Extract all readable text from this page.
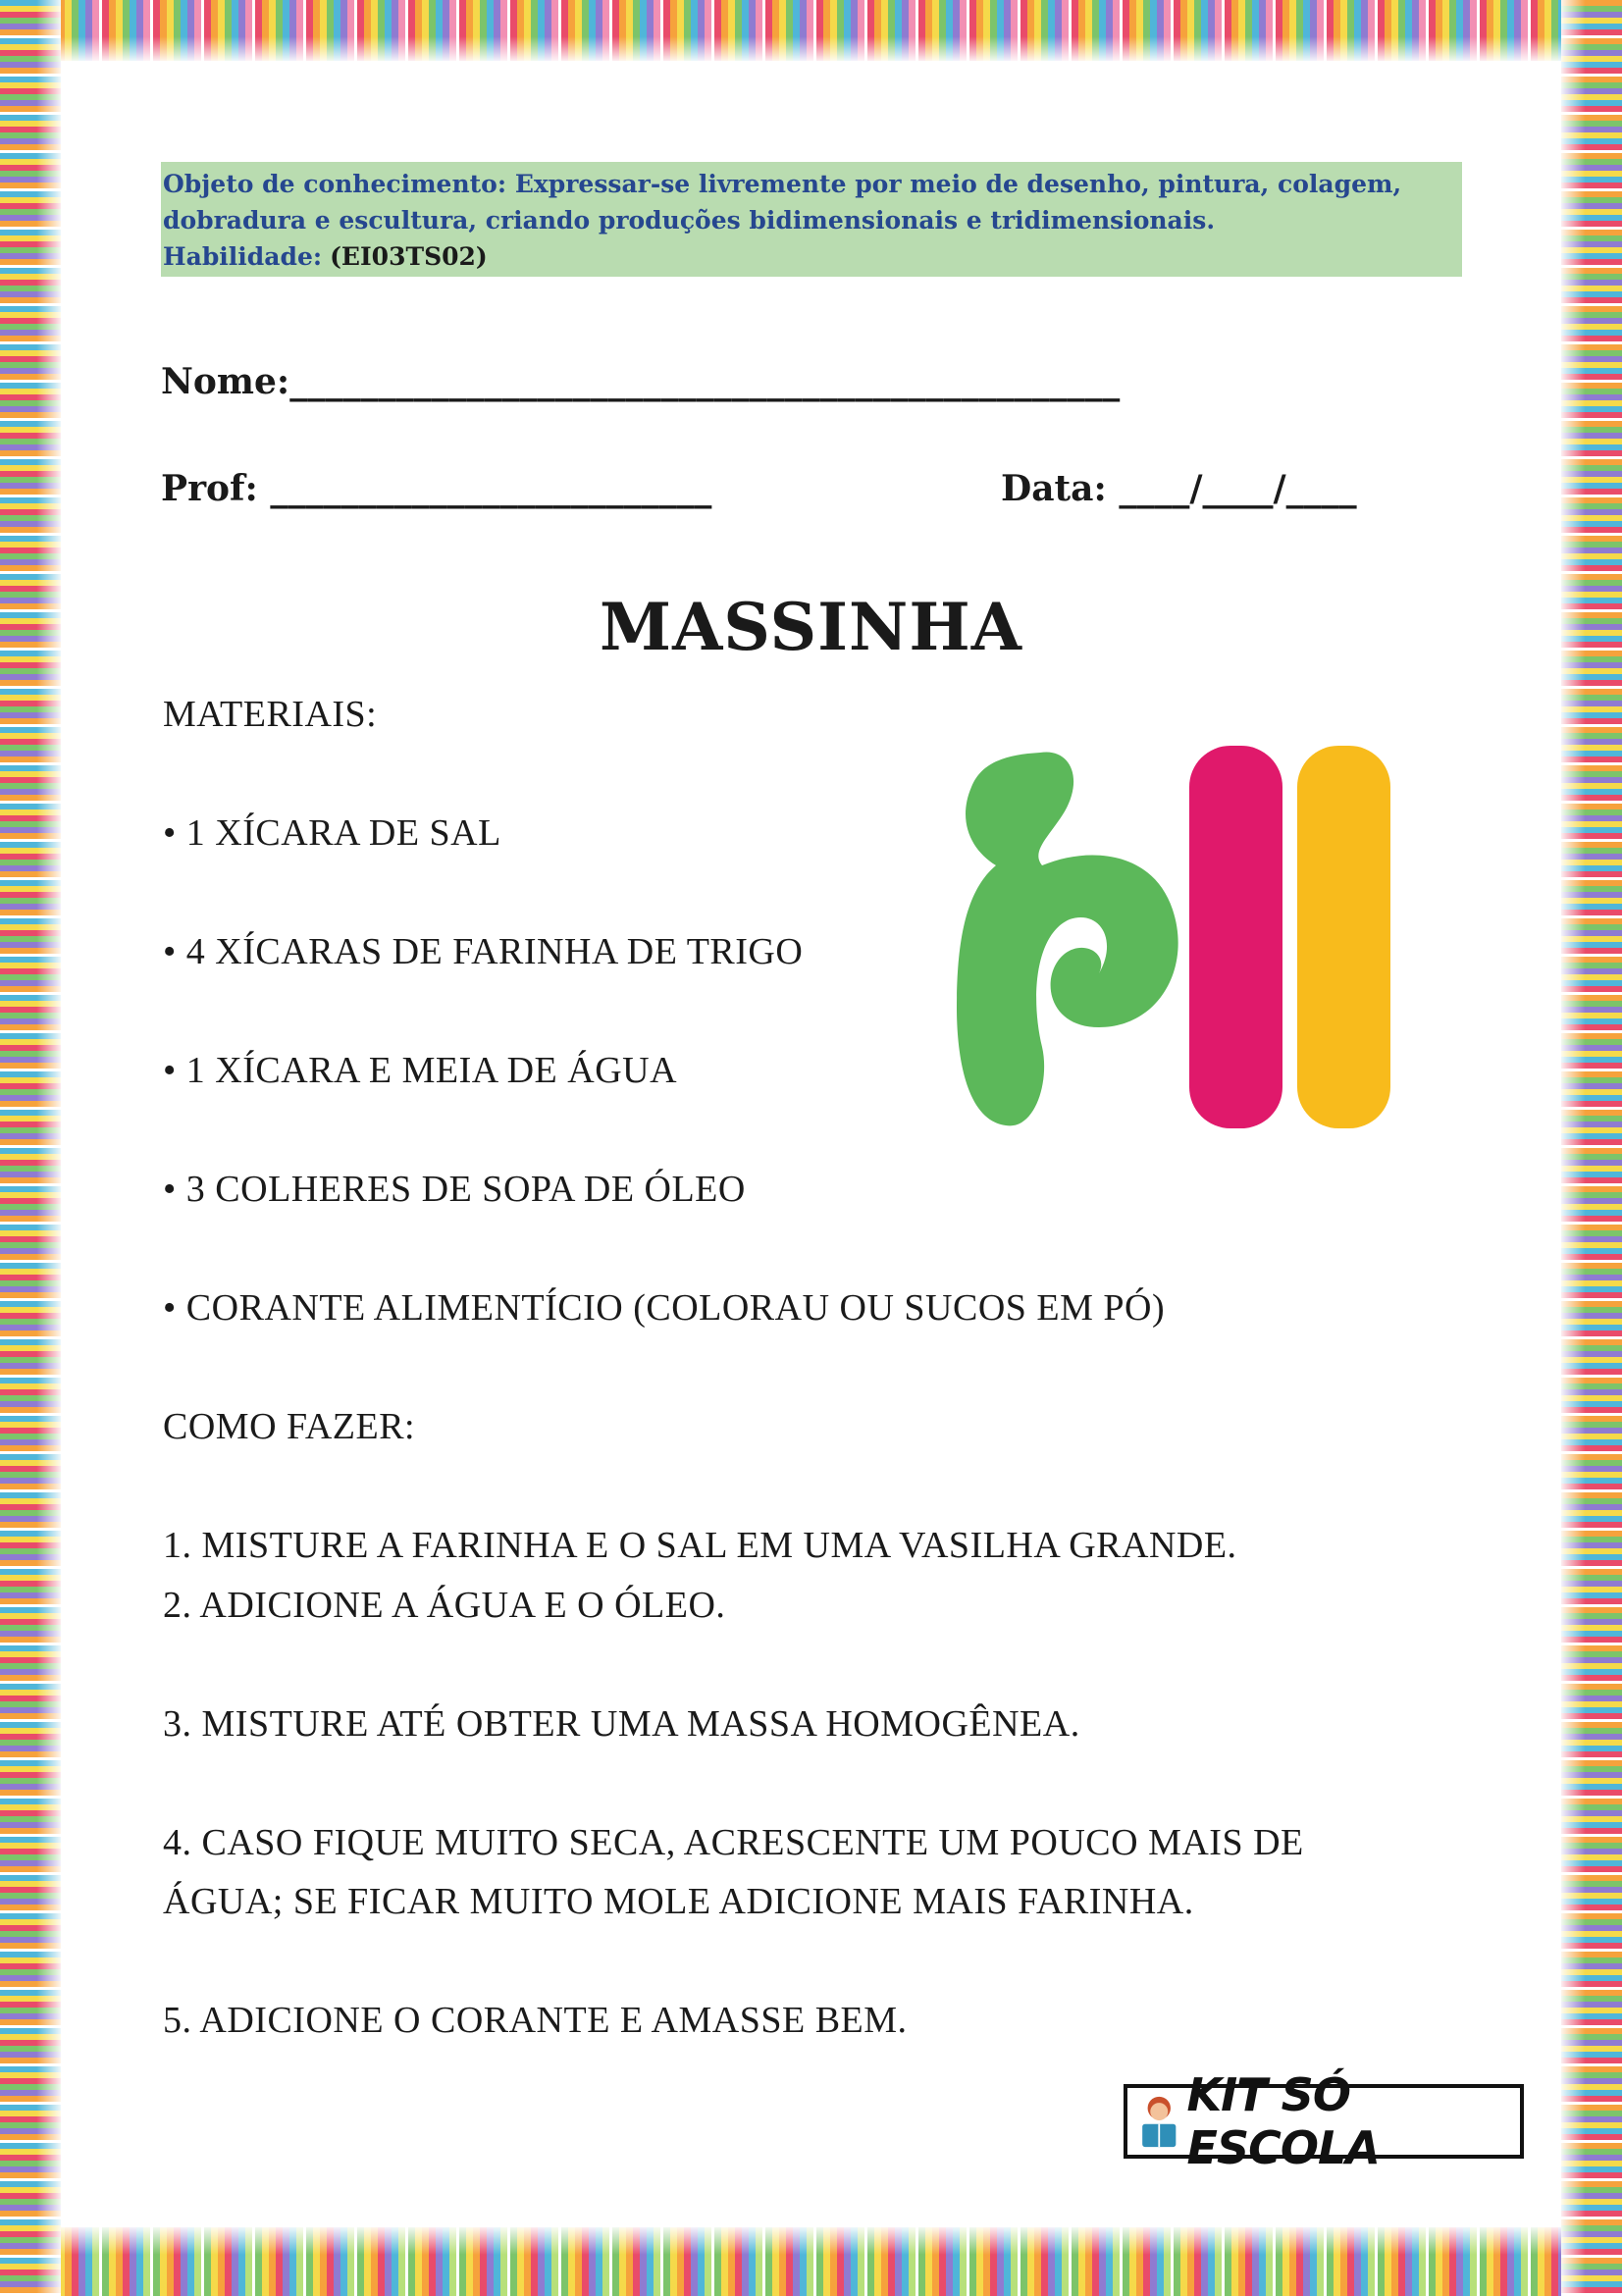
Objeto de conhecimento: Expressar-se livremente por meio de desenho, pintura, colagem, dobradura e escultura, criando produções bidimensionais e tridimensionais.
Habilidade: (EI03TS02)
Nome:_______________________________________________
Prof: _________________________	Data: ____/____/____
MASSINHA
MATERIAIS:
• 1 XÍCARA DE SAL
• 4 XÍCARAS DE FARINHA DE TRIGO
• 1 XÍCARA E MEIA DE ÁGUA
• 3 COLHERES DE SOPA DE ÓLEO
• CORANTE ALIMENTÍCIO (COLORAU OU SUCOS EM PÓ)
COMO FAZER:
1. MISTURE A FARINHA E O SAL EM UMA VASILHA GRANDE.
2. ADICIONE A ÁGUA E O ÓLEO.
3. MISTURE ATÉ OBTER UMA MASSA HOMOGÊNEA.
4. CASO FIQUE MUITO SECA, ACRESCENTE UM POUCO MAIS DE
ÁGUA; SE FICAR MUITO MOLE ADICIONE MAIS FARINHA.
5. ADICIONE O CORANTE E AMASSE BEM.
KIT SÓ ESCOLA
